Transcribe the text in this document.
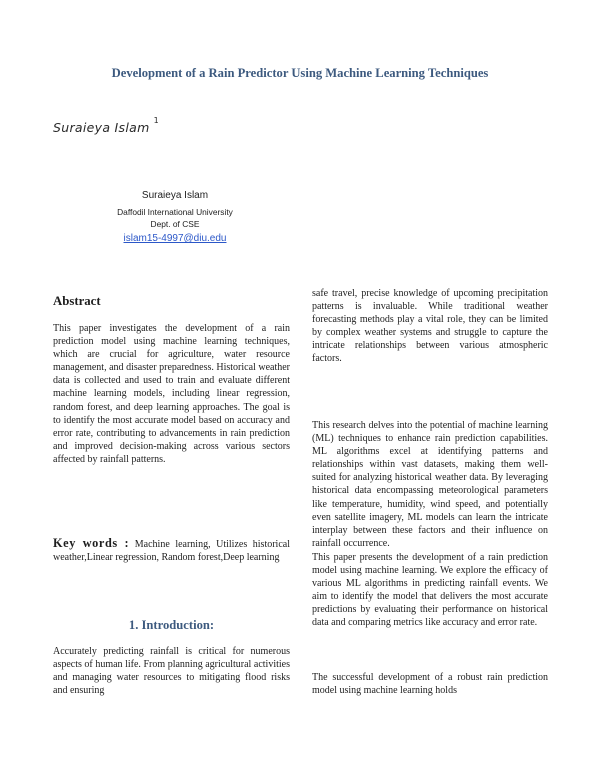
Development of a Rain Predictor Using Machine Learning Techniques
Suraieya Islam $^1$
Suraieya Islam
Daffodil International University
Dept. of CSE
islam15-4997@diu.edu
Abstract

This paper investigates the development of a rain prediction model using machine learning techniques, which are crucial for agriculture, water resource management, and disaster preparedness. Historical weather data is collected and used to train and evaluate different machine learning models, including linear regression, random forest, and deep learning approaches. The goal is to identify the most accurate model based on accuracy and error rate, contributing to advancements in rain prediction and improved decision-making across various sectors affected by rainfall patterns.

Key words : Machine learning, Utilizes historical weather,Linear regression, Random forest,Deep learning

1. Introduction:

Accurately predicting rainfall is critical for numerous aspects of human life. From planning agricultural activities and managing water resources to mitigating flood risks and ensuring

safe travel, precise knowledge of upcoming precipitation patterns is invaluable. While traditional weather forecasting methods play a vital role, they can be limited by complex weather systems and struggle to capture the intricate relationships between various atmospheric factors.

This research delves into the potential of machine learning (ML) techniques to enhance rain prediction capabilities. ML algorithms excel at identifying patterns and relationships within vast datasets, making them well-suited for analyzing historical weather data. By leveraging historical data encompassing meteorological parameters like temperature, humidity, wind speed, and potentially even satellite imagery, ML models can learn the intricate interplay between these factors and their influence on rainfall occurrence.

This paper presents the development of a rain prediction model using machine learning. We explore the efficacy of various ML algorithms in predicting rainfall events. We aim to identify the model that delivers the most accurate predictions by evaluating their performance on historical data and comparing metrics like accuracy and error rate.

The successful development of a robust rain prediction model using machine learning holds
